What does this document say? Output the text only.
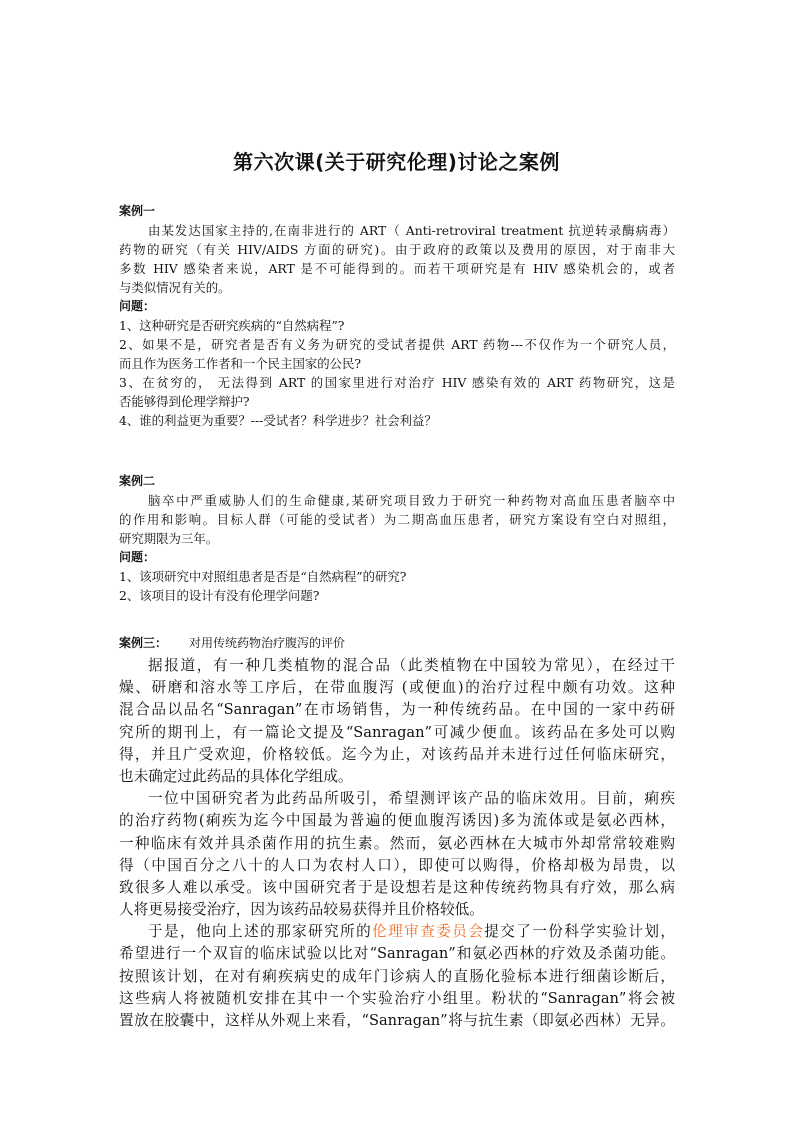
第六次课(关于研究伦理)讨论之案例
案例一
由某发达国家主持的,在南非进行的 ART（ Anti-retroviral treatment 抗逆转录酶病毒）
药物的研究（有关 HIV/AIDS 方面的研究)。由于政府的政策以及费用的原因，对于南非大
多数 HIV 感染者来说，ART 是不可能得到的。而若干项研究是有 HIV 感染机会的，或者
与类似情况有关的。
问题：
1、这种研究是否研究疾病的“自然病程”?
2、如果不是，研究者是否有义务为研究的受试者提供 ART 药物---不仅作为一个研究人员，
而且作为医务工作者和一个民主国家的公民?
3、在贫穷的， 无法得到 ART 的国家里进行对治疗 HIV 感染有效的 ART 药物研究，这是
否能够得到伦理学辩护?
4、谁的利益更为重要？---受试者？科学进步？社会利益？
案例二
脑卒中严重威胁人们的生命健康,某研究项目致力于研究一种药物对高血压患者脑卒中
的作用和影响。目标人群（可能的受试者）为二期高血压患者，研究方案设有空白对照组，
研究期限为三年。
问题：
1、该项研究中对照组患者是否是“自然病程”的研究?
2、该项目的设计有没有伦理学问题?
案例三： 对用传统药物治疗腹泻的评价
据报道，有一种几类植物的混合品（此类植物在中国较为常见），在经过干
燥、研磨和溶水等工序后，在带血腹泻 (或便血)的治疗过程中颇有功效。这种
混合品以品名“Sanragan”在市场销售，为一种传统药品。在中国的一家中药研
究所的期刊上，有一篇论文提及“Sanragan”可减少便血。该药品在多处可以购
得，并且广受欢迎，价格较低。迄今为止，对该药品并未进行过任何临床研究，
也未确定过此药品的具体化学组成。
一位中国研究者为此药品所吸引，希望测评该产品的临床效用。目前，痢疾
的治疗药物(痢疾为迄今中国最为普遍的便血腹泻诱因)多为流体或是氨必西林，
一种临床有效并具杀菌作用的抗生素。然而，氨必西林在大城市外却常常较难购
得（中国百分之八十的人口为农村人口），即使可以购得，价格却极为昂贵，以
致很多人难以承受。该中国研究者于是设想若是这种传统药物具有疗效，那么病
人将更易接受治疗，因为该药品较易获得并且价格较低。
于是，他向上述的那家研究所的伦理审查委员会提交了一份科学实验计划，
希望进行一个双盲的临床试验以比对“Sanragan”和氨必西林的疗效及杀菌功能。
按照该计划，在对有痢疾病史的成年门诊病人的直肠化验标本进行细菌诊断后，
这些病人将被随机安排在其中一个实验治疗小组里。粉状的“Sanragan”将会被
置放在胶囊中，这样从外观上来看，“Sanragan”将与抗生素（即氨必西林）无异。
